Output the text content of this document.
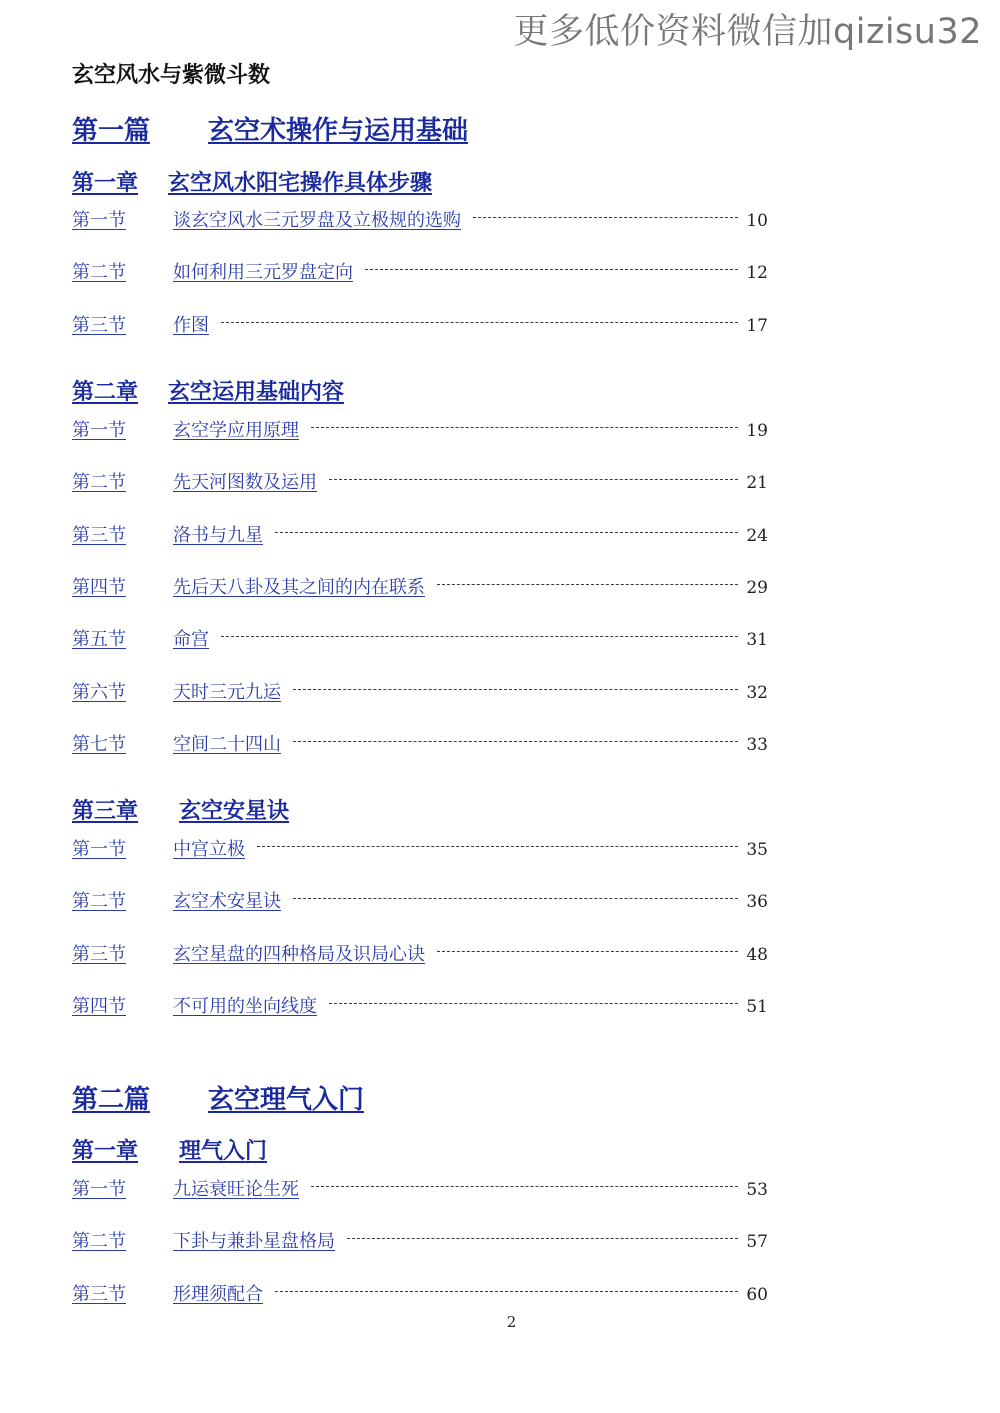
更多低价资料微信加qizisu32
玄空风水与紫微斗数
第一篇 玄空术操作与运用基础
第一章 玄空风水阳宅操作具体步骤
第一节	谈玄空风水三元罗盘及立极规的选购	10
第二节	如何利用三元罗盘定向	12
第三节	作图	17
第二章 玄空运用基础内容
第一节	玄空学应用原理	19
第二节	先天河图数及运用	21
第三节	洛书与九星	24
第四节	先后天八卦及其之间的内在联系	29
第五节	命宫	31
第六节	天时三元九运	32
第七节	空间二十四山	33
第三章 玄空安星诀
第一节	中宫立极	35
第二节	玄空术安星诀	36
第三节	玄空星盘的四种格局及识局心诀	48
第四节	不可用的坐向线度	51
第二篇 玄空理气入门
第一章 理气入门
第一节	九运衰旺论生死	53
第二节	下卦与兼卦星盘格局	57
第三节	形理须配合	60
2
